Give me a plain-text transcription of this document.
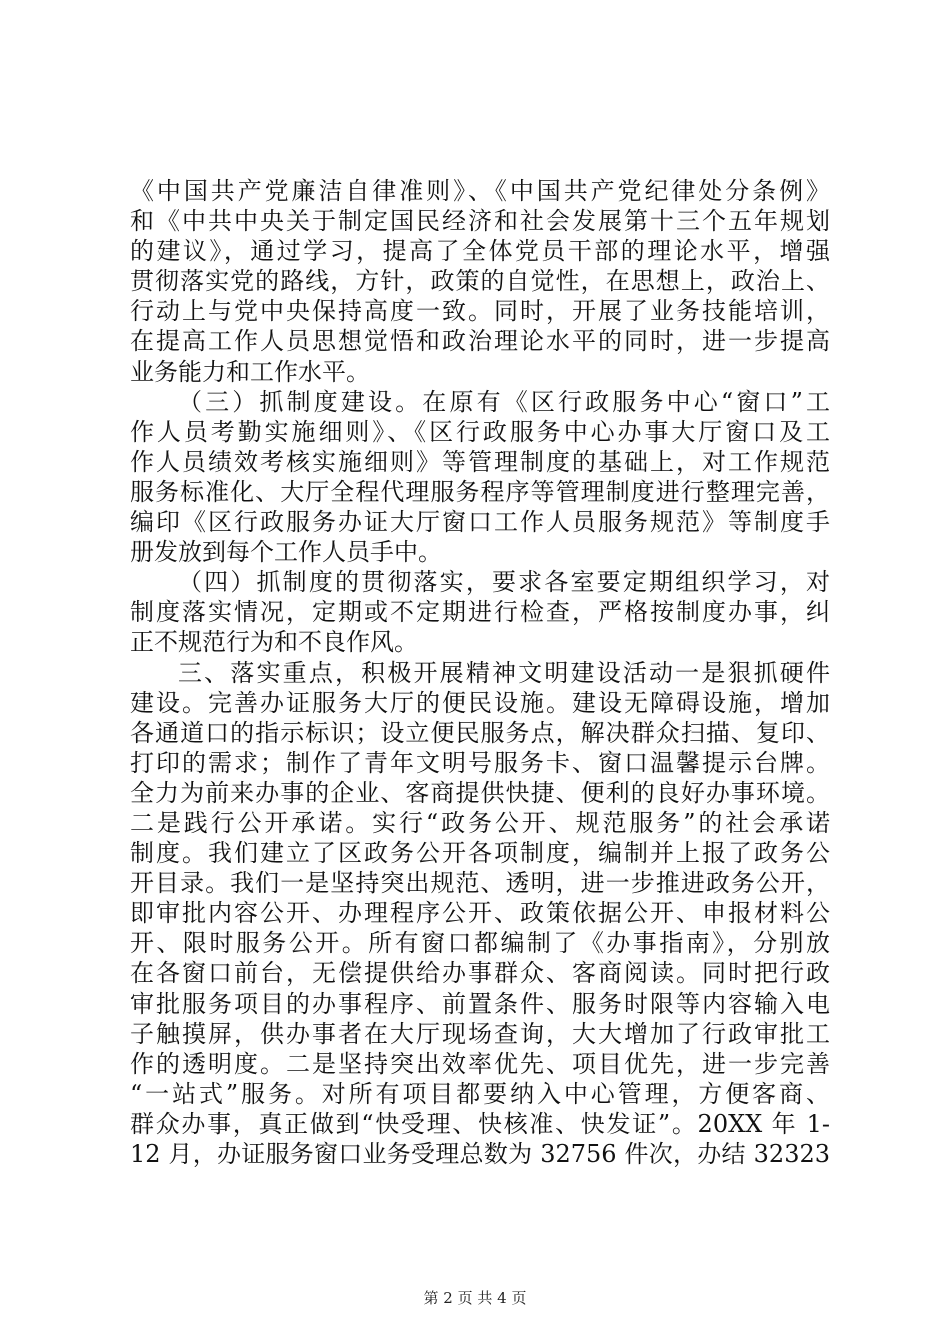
《中国共产党廉洁自律准则》、《中国共产党纪律处分条例》
和《中共中央关于制定国民经济和社会发展第十三个五年规划
的建议》，通过学习，提高了全体党员干部的理论水平，增强
贯彻落实党的路线，方针，政策的自觉性，在思想上，政治上、
行动上与党中央保持高度一致。同时，开展了业务技能培训，
在提高工作人员思想觉悟和政治理论水平的同时，进一步提高
业务能力和工作水平。
（三）抓制度建设。在原有《区行政服务中心“窗口”工
作人员考勤实施细则》、《区行政服务中心办事大厅窗口及工
作人员绩效考核实施细则》等管理制度的基础上，对工作规范
服务标准化、大厅全程代理服务程序等管理制度进行整理完善，
编印《区行政服务办证大厅窗口工作人员服务规范》等制度手
册发放到每个工作人员手中。
（四）抓制度的贯彻落实，要求各室要定期组织学习，对
制度落实情况，定期或不定期进行检查，严格按制度办事，纠
正不规范行为和不良作风。
三、落实重点，积极开展精神文明建设活动一是狠抓硬件
建设。完善办证服务大厅的便民设施。建设无障碍设施，增加
各通道口的指示标识；设立便民服务点，解决群众扫描、复印、
打印的需求；制作了青年文明号服务卡、窗口温馨提示台牌。
全力为前来办事的企业、客商提供快捷、便利的良好办事环境。
二是践行公开承诺。实行“政务公开、规范服务”的社会承诺
制度。我们建立了区政务公开各项制度，编制并上报了政务公
开目录。我们一是坚持突出规范、透明，进一步推进政务公开，
即审批内容公开、办理程序公开、政策依据公开、申报材料公
开、限时服务公开。所有窗口都编制了《办事指南》，分别放
在各窗口前台，无偿提供给办事群众、客商阅读。同时把行政
审批服务项目的办事程序、前置条件、服务时限等内容输入电
子触摸屏，供办事者在大厅现场查询，大大增加了行政审批工
作的透明度。二是坚持突出效率优先、项目优先，进一步完善
“一站式”服务。对所有项目都要纳入中心管理，方便客商、
群众办事，真正做到“快受理、快核准、快发证”。20XX 年 1-
12 月，办证服务窗口业务受理总数为 32756 件次，办结 32323
第 2 页 共 4 页
